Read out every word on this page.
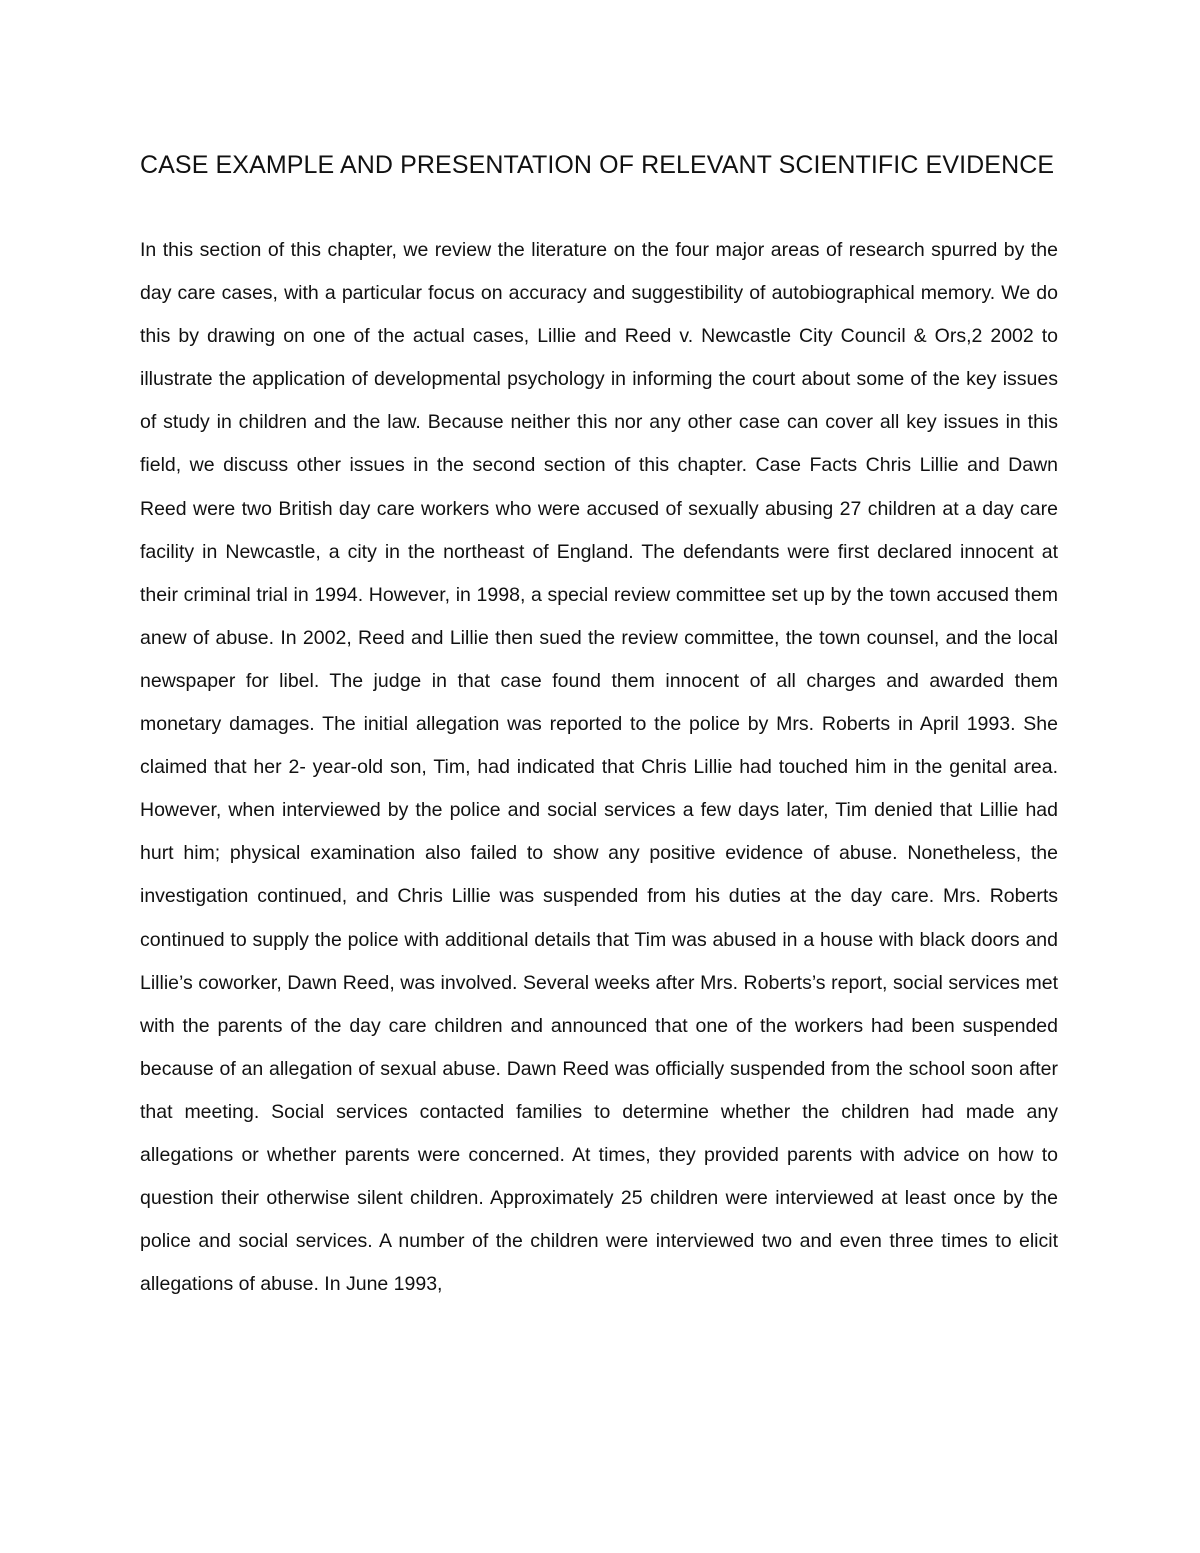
CASE EXAMPLE AND PRESENTATION OF RELEVANT SCIENTIFIC EVIDENCE

In this section of this chapter, we review the literature on the four major areas of research spurred by the day care cases, with a particular focus on accuracy and suggestibility of autobiographical memory. We do this by drawing on one of the actual cases, Lillie and Reed v. Newcastle City Council & Ors,2 2002 to illustrate the application of developmental psychology in informing the court about some of the key issues of study in children and the law. Because neither this nor any other case can cover all key issues in this field, we discuss other issues in the second section of this chapter. Case Facts Chris Lillie and Dawn Reed were two British day care workers who were accused of sexually abusing 27 children at a day care facility in Newcastle, a city in the northeast of England. The defendants were first declared innocent at their criminal trial in 1994. However, in 1998, a special review committee set up by the town accused them anew of abuse. In 2002, Reed and Lillie then sued the review committee, the town counsel, and the local newspaper for libel. The judge in that case found them innocent of all charges and awarded them monetary damages. The initial allegation was reported to the police by Mrs. Roberts in April 1993. She claimed that her 2- year-old son, Tim, had indicated that Chris Lillie had touched him in the genital area. However, when interviewed by the police and social services a few days later, Tim denied that Lillie had hurt him; physical examination also failed to show any positive evidence of abuse. Nonetheless, the investigation continued, and Chris Lillie was suspended from his duties at the day care. Mrs. Roberts continued to supply the police with additional details that Tim was abused in a house with black doors and Lillie’s coworker, Dawn Reed, was involved. Several weeks after Mrs. Roberts’s report, social services met with the parents of the day care children and announced that one of the workers had been suspended because of an allegation of sexual abuse. Dawn Reed was officially suspended from the school soon after that meeting. Social services contacted families to determine whether the children had made any allegations or whether parents were concerned. At times, they provided parents with advice on how to question their otherwise silent children. Approximately 25 children were interviewed at least once by the police and social services. A number of the children were interviewed two and even three times to elicit allegations of abuse. In June 1993,
